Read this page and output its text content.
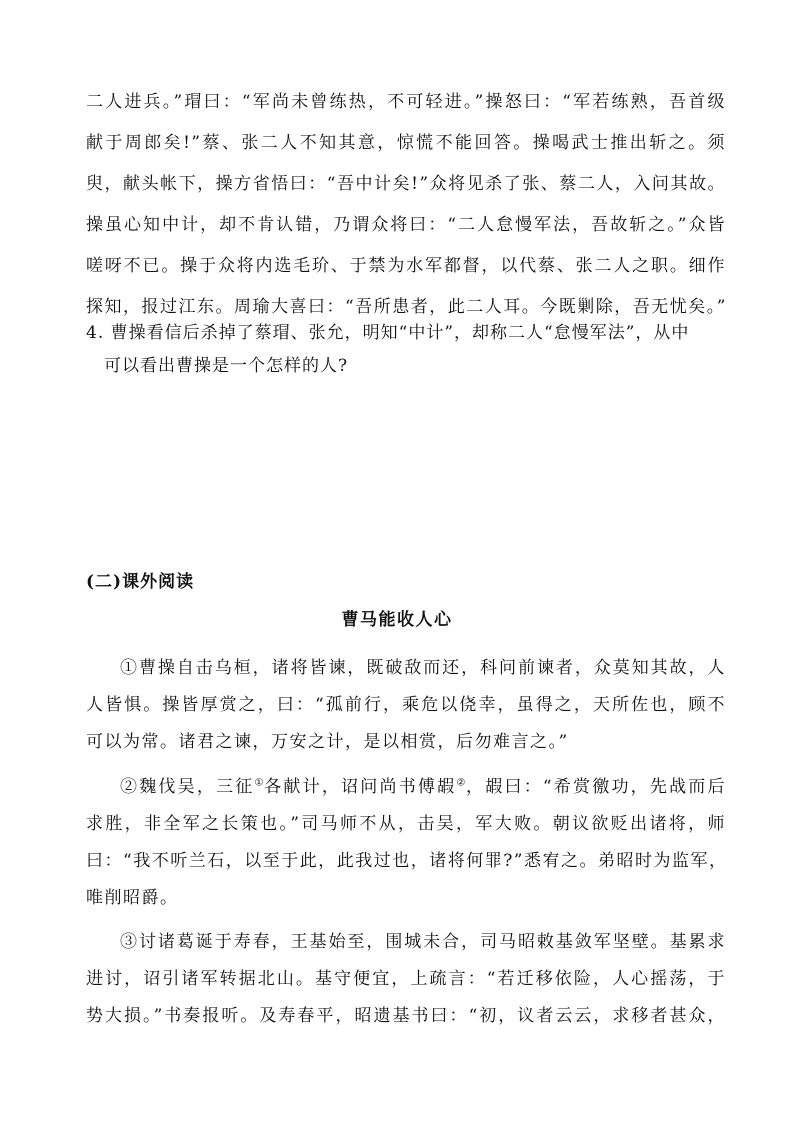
二人进兵。”瑁曰：“军尚未曾练热，不可轻进。”操怒曰：“军若练熟，吾首级
献于周郎矣!”蔡、张二人不知其意，惊慌不能回答。操喝武士推出斩之。须
臾，献头帐下，操方省悟曰：“吾中计矣!”众将见杀了张、蔡二人，入问其故。
操虽心知中计，却不肯认错，乃谓众将曰：“二人怠慢军法，吾故斩之。”众皆
嗟呀不已。操于众将内选毛玠、于禁为水军都督，以代蔡、张二人之职。细作
探知，报过江东。周瑜大喜曰：“吾所患者，此二人耳。今既剿除，吾无忧矣。”
4. 曹操看信后杀掉了蔡瑁、张允，明知“中计”，却称二人“怠慢军法”，从中
可以看出曹操是一个怎样的人?
(二)课外阅读
曹马能收人心
①曹操自击乌桓，诸将皆谏，既破敌而还，科问前谏者，众莫知其故，人
人皆惧。操皆厚赏之，曰：“孤前行，乘危以侥幸，虽得之，天所佐也，顾不
可以为常。诸君之谏，万安之计，是以相赏，后勿难言之。”
②魏伐吴，三征①各献计，诏问尚书傅嘏②，嘏曰：“希赏徼功，先战而后
求胜，非全军之长策也。”司马师不从，击吴，军大败。朝议欲贬出诸将，师
曰：“我不听兰石，以至于此，此我过也，诸将何罪?”悉宥之。弟昭时为监军，
唯削昭爵。
③讨诸葛诞于寿春，王基始至，围城未合，司马昭敕基敛军坚壁。基累求
进讨，诏引诸军转据北山。基守便宜，上疏言：“若迁移依险，人心摇荡，于
势大损。”书奏报听。及寿春平，昭遗基书曰：“初，议者云云，求移者甚众，
